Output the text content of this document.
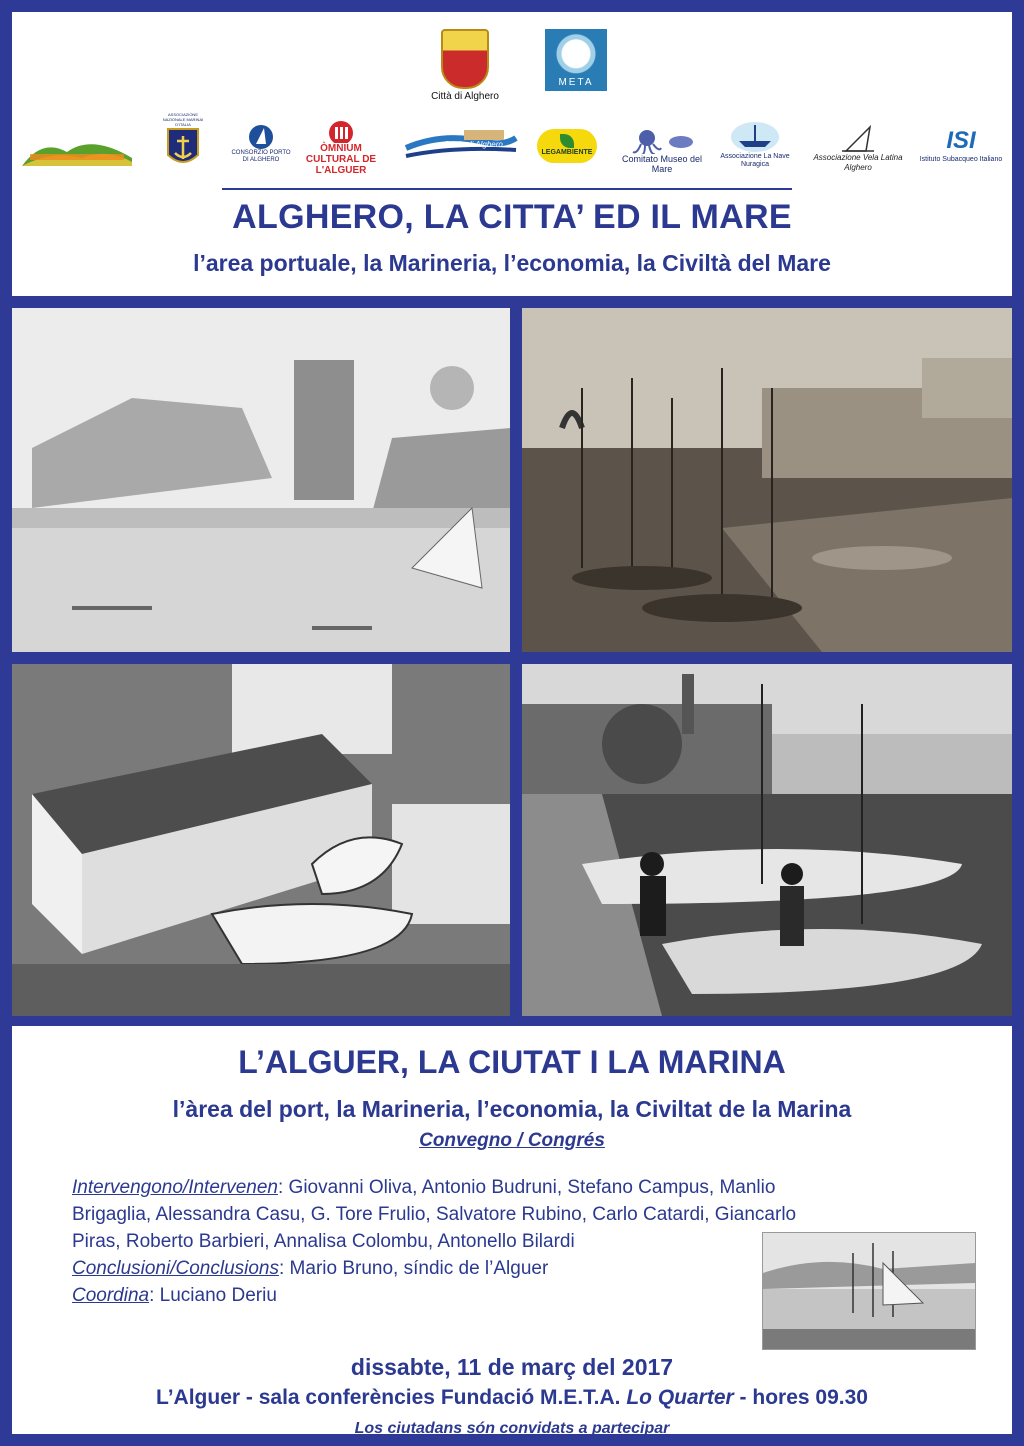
Città di Alghero
META
ASSOCIAZIONE NAZIONALE MARINAI D'ITALIA
CONSORZIO PORTO DI ALGHERO
ÒMNIUM CULTURAL DE L'ALGUER
Storie di Alghero
LEGAMBIENTE
Comitato Museo del Mare
Associazione La Nave Nuragica
Associazione Vela Latina Alghero
ISI
Istituto Subacqueo Italiano
ALGHERO, LA CITTA’ ED IL MARE
l’area portuale, la Marineria, l’economia, la Civiltà del Mare
L’ALGUER, LA CIUTAT I LA MARINA
l’àrea del port, la Marineria, l’economia, la Civiltat de la Marina
Convegno / Congrés
Intervengono/Intervenen: Giovanni Oliva, Antonio Budruni, Stefano Campus, Manlio
Brigaglia, Alessandra Casu, G. Tore Frulio, Salvatore Rubino, Carlo Catardi, Giancarlo
Piras, Roberto Barbieri, Annalisa Colombu, Antonello Bilardi
Conclusioni/Conclusions: Mario Bruno, síndic de l’Alguer
Coordina: Luciano Deriu
dissabte, 11 de març del 2017
L’Alguer - sala conferències Fundació M.E.T.A. Lo Quarter - hores 09.30
Los ciutadans són convidats a partecipar
